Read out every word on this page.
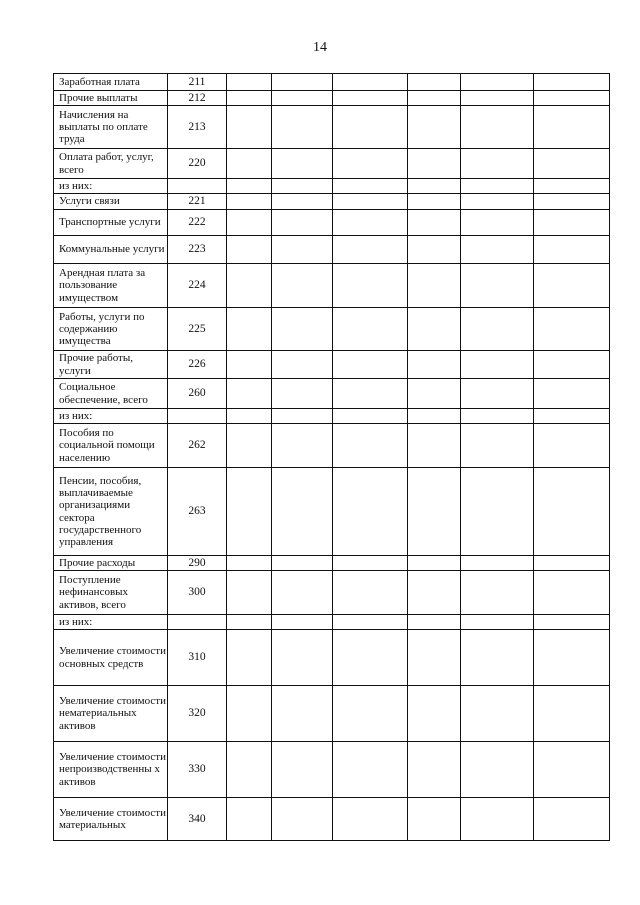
14
Заработная плата	211						

Прочие выплаты	212						

Начисления на выплаты по оплате труда	213						

Оплата работ, услуг, всего	220						

из них:							

Услуги связи	221						

Транспортные услуги	222						

Коммунальные услуги	223						

Арендная плата за пользование имуществом	224						

Работы, услуги по содержанию имущества	225						

Прочие работы, услуги	226						

Социальное обеспечение, всего	260						

из них:							

Пособия по социальной помощи населению	262						

Пенсии, пособия, выплачиваемые организациями сектора государственного управления	263						

Прочие расходы	290						

Поступление нефинансовых активов, всего	300						

из них:							

Увеличение стоимости основных средств	310						

Увеличение стоимости нематериальных активов	320						

Увеличение стоимости непроизводственны х активов	330						

Увеличение стоимости материальных	340						
